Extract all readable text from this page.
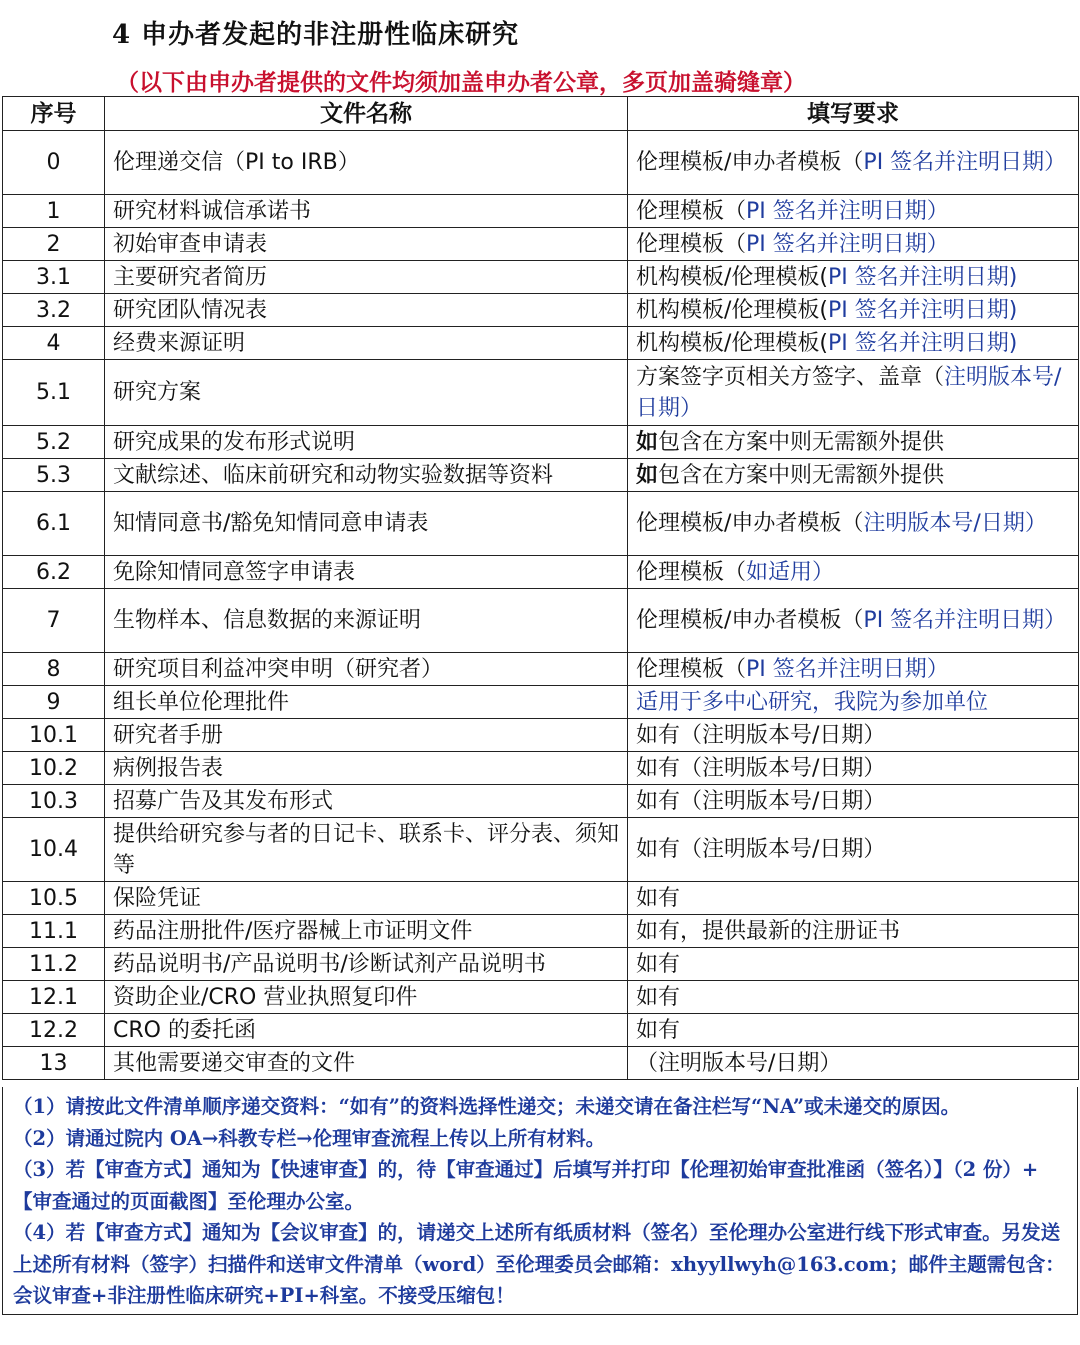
4 申办者发起的非注册性临床研究
（以下由申办者提供的文件均须加盖申办者公章，多页加盖骑缝章）
序号	文件名称	填写要求
0	伦理递交信（PI to IRB）	伦理模板/申办者模板（PI 签名并注明日期）
1	研究材料诚信承诺书	伦理模板（PI 签名并注明日期）
2	初始审查申请表	伦理模板（PI 签名并注明日期）
3.1	主要研究者简历	机构模板/伦理模板(PI 签名并注明日期)
3.2	研究团队情况表	机构模板/伦理模板(PI 签名并注明日期)
4	经费来源证明	机构模板/伦理模板(PI 签名并注明日期)
5.1	研究方案	方案签字页相关方签字、盖章（注明版本号/日期）
5.2	研究成果的发布形式说明	如包含在方案中则无需额外提供
5.3	文献综述、临床前研究和动物实验数据等资料	如包含在方案中则无需额外提供
6.1	知情同意书/豁免知情同意申请表	伦理模板/申办者模板（注明版本号/日期）
6.2	免除知情同意签字申请表	伦理模板（如适用）
7	生物样本、信息数据的来源证明	伦理模板/申办者模板（PI 签名并注明日期）
8	研究项目利益冲突申明（研究者）	伦理模板（PI 签名并注明日期）
9	组长单位伦理批件	适用于多中心研究，我院为参加单位
10.1	研究者手册	如有（注明版本号/日期）
10.2	病例报告表	如有（注明版本号/日期）
10.3	招募广告及其发布形式	如有（注明版本号/日期）
10.4	提供给研究参与者的日记卡、联系卡、评分表、须知等	如有（注明版本号/日期）
10.5	保险凭证	如有
11.1	药品注册批件/医疗器械上市证明文件	如有，提供最新的注册证书
11.2	药品说明书/产品说明书/诊断试剂产品说明书	如有
12.1	资助企业/CRO 营业执照复印件	如有
12.2	CRO 的委托函	如有
13	其他需要递交审查的文件	（注明版本号/日期）

（1）请按此文件清单顺序递交资料：“如有”的资料选择性递交；未递交请在备注栏写“NA”或未递交的原因。

（2）请通过院内 OA→科教专栏→伦理审查流程上传以上所有材料。

（3）若【审查方式】通知为【快速审查】的，待【审查通过】后填写并打印【伦理初始审查批准函（签名）】（2 份）+【审查通过的页面截图】至伦理办公室。

（4）若【审查方式】通知为【会议审查】的，请递交上述所有纸质材料（签名）至伦理办公室进行线下形式审查。另发送上述所有材料（签字）扫描件和送审文件清单（word）至伦理委员会邮箱：xhyyllwyh@163.com；邮件主题需包含：会议审查+非注册性临床研究+PI+科室。不接受压缩包！
